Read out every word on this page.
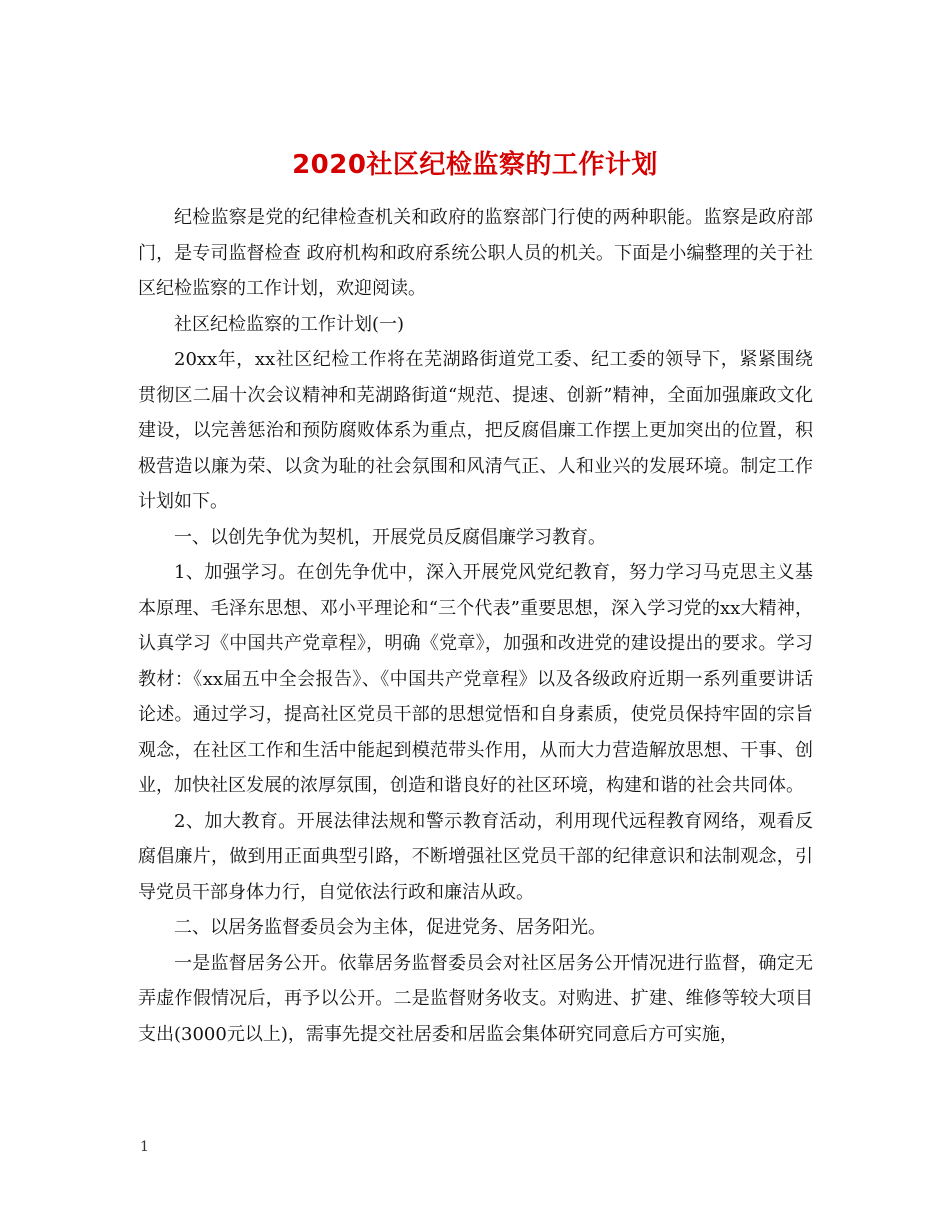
2020社区纪检监察的工作计划

纪检监察是党的纪律检查机关和政府的监察部门行使的两种职能。监察是政府部门，是专司监督检查 政府机构和政府系统公职人员的机关。下面是小编整理的关于社区纪检监察的工作计划，欢迎阅读。

社区纪检监察的工作计划(一)

20xx年，xx社区纪检工作将在芜湖路街道党工委、纪工委的领导下，紧紧围绕贯彻区二届十次会议精神和芜湖路街道“规范、提速、创新”精神，全面加强廉政文化建设，以完善惩治和预防腐败体系为重点，把反腐倡廉工作摆上更加突出的位置，积极营造以廉为荣、以贪为耻的社会氛围和风清气正、人和业兴的发展环境。制定工作计划如下。

一、以创先争优为契机，开展党员反腐倡廉学习教育。

1、加强学习。在创先争优中，深入开展党风党纪教育，努力学习马克思主义基本原理、毛泽东思想、邓小平理论和“三个代表”重要思想，深入学习党的xx大精神，认真学习《中国共产党章程》，明确《党章》，加强和改进党的建设提出的要求。学习教材：《xx届五中全会报告》、《中国共产党章程》以及各级政府近期一系列重要讲话论述。通过学习，提高社区党员干部的思想觉悟和自身素质，使党员保持牢固的宗旨观念，在社区工作和生活中能起到模范带头作用，从而大力营造解放思想、干事、创业，加快社区发展的浓厚氛围，创造和谐良好的社区环境，构建和谐的社会共同体。

2、加大教育。开展法律法规和警示教育活动，利用现代远程教育网络，观看反腐倡廉片，做到用正面典型引路，不断增强社区党员干部的纪律意识和法制观念，引导党员干部身体力行，自觉依法行政和廉洁从政。

二、以居务监督委员会为主体，促进党务、居务阳光。

一是监督居务公开。依靠居务监督委员会对社区居务公开情况进行监督，确定无弄虚作假情况后，再予以公开。二是监督财务收支。对购进、扩建、维修等较大项目支出(3000元以上)，需事先提交社居委和居监会集体研究同意后方可实施，

1
